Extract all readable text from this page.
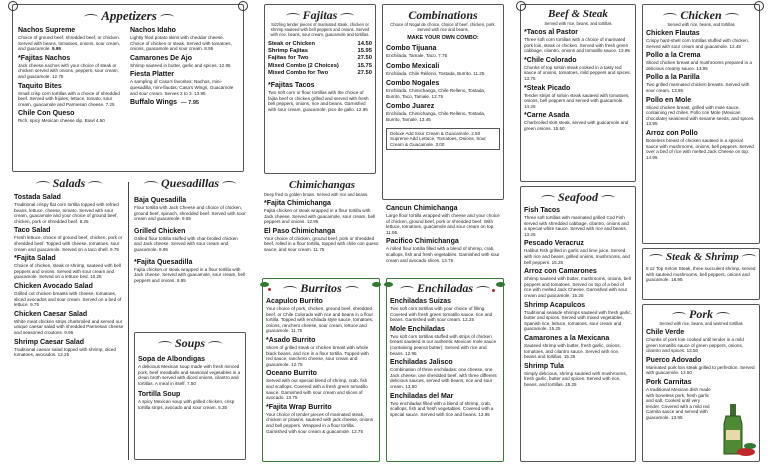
Appetizers
Nachos Supreme
Choice of ground beef, shredded beef, or chicken. Served with beans, tomatoes, onions, sour cream, and guacamole. 9.95
*Fajitas Nachos
Jack cheese nachos with your choice of steak or chicken served with onions, peppers, sour cream, and guacamole. 12.75
Taquito Bites
Small crisp corn tortillas with a choice of shredded beef. Served with frijoles, lettuce, tomato, sour cream, guacamole and Parmesan cheese. 7.25
Chile Con Queso
Rich, spicy Mexican cheese dip. Bowl 4.50
Nachos Idaho
Lightly fried potato skins with cheddar cheese. Choice of chicken or steak. Served with tomatoes, onions, guacamole and sour cream. 8.95
Camarones De Ajo
Shrimp sauteed in butter, garlic and spices. 12.95
Fiesta Platter
A sampling of Casa's favorites: Nachos, mini-quesadilla, mini-flautas, Casa's Wings, Guacamole and sour cream. Serves 2 to 3. 13.95
Buffalo Wings — 7.95
Salads
Tostada Salad
Traditional crispy flat corn tortilla topped with refried beans, lettuce, cheese, tomato. Served with sour cream, guacamole and your choice of ground beef, chicken, pork or shredded beef. 8.25
Taco Salad
Fresh lettuce, choice of ground beef, chicken, pork or shredded beef. Topped with cheese, tomatoes, sour cream and guacamole. Served on a taco shell. 9.75
*Fajita Salad
Choice of chicken, steak or shrimp, sauteed with bell peppers and onions. Served with sour cream and guacamole. Served on a lettuce bed. 10.25
Chicken Avocado Salad
Grilled cut chicken breasts with cheese, tomatoes, sliced avocados and sour cream. Served on a bed of lettuce. 9.75
Chicken Caesar Salad
White meat chicken strips charbroiled and served our unique caesar salad with shredded Parmesan cheese and seasoned croutons. 9.95
Shrimp Caesar Salad
Traditional caesar salad topped with shrimp, diced tomatoes, avocados. 12.25
Quesadillas
Baja Quesadilla
Flour tortilla with Jack Cheese and choice of chicken, ground beef, spinach, shredded beef. Served with sour cream and guacamole. 9.65
Grilled Chicken
Grilled flour tortilla stuffed with char-broiled chicken and Jack cheese. Served with sour cream and guacamole. 9.95
*Fajita Quesadilla
Fajita chicken or steak wrapped in a flour tortilla with Jack cheese. Served with guacamole, sour cream, bell peppers and onions. 9.95
Soups
Sopa de Albondigas
A delicious Mexican soup made with fresh minced pork, beef meatballs and seasonal vegetables in a clean broth served with diced onions, cilantro and tortillas. A meal in itself. 7.50
Tortilla Soup
A spicy Mexican soup with grilled chicken, crisp tortilla strips, avocado and sour cream. 5.35
Fajitas
Sizzling tender pieces of marinated steak, chicken or shrimp sauteed with bell peppers and onions. Served with rice, beans, sour cream, guacamole and tortillas.
Steak or Chicken	14.50
Shrimp Fajitas	15.95
Fajitas for Two	27.50
Mixed Combo (2 Choices)	15.75
Mixed Combo for Two	27.50
*Fajitas Tacos
Two soft corn or flour tortillas with the choice of fajita beef or chicken grilled and served with fresh bell peppers, onions, rice and beans. Garnished with sour cream, guacamole, pico de gallo. 12.95
Combinations
Choice of Nogal de choice, choice of beef, chicken, pork. Served with rice and beans.
MAKE YOUR OWN COMBO:
Combo Tijuana
Enchilada, Tamale, Taco. 7.75
Combo Mexicali
Enchilada, Chile Relleno, Tostada, Burrito. 11.25
Combo Nogales
Enchilada, Chimichanga, Chile Relleno, Tostada, Burrito, Taco, Tamale. 12.75
Combo Juarez
Enchilada, Chimichanga, Chile Relleno, Tostada, Burrito, Tamale. 13.45
Deluxe Add Sour Cream & Guacamole. 2.50
Supreme Add Lettuce, Tomatoes, Onions, Sour Cream & Guacamole. 3.00
Chimichangas
Deep fried to golden brown. Served with rice and beans.
*Fajita Chimichanga
Fajita chicken or steak wrapped in a flour tortilla with Jack cheese. Served with guacamole, sour cream, bell peppers and onions. 12.95
El Paso Chimichanga
Your choice of chicken, ground beef, pork or shredded beef, rolled in a flour tortilla, topped with chile con queso sauce, and sour cream. 11.75
Cancun Chimichanga
Large flour tortilla wrapped with cheese and your choice of chicken, ground beef, pork or shredded beef. With lettuce, tomatoes, guacamole and sour cream on top. 11.95
Pacifico Chimichanga
A rolled flour tortilla filled with a blend of shrimp, crab, scallops, fish and fresh vegetables. Garnished with sour cream and avocado slices. 13.75
Burritos
Acapulco Burrito
Your choice of pork, chicken, ground beef, shredded beef, or Chile Colorado with rice and beans in a flour tortilla. Topped with enchilada style sauce, tomatoes, onions, ranchero cheese, sour cream, lettuce and guacamole. 11.75
*Asado Burrito
Slices of grilled steak or chicken breast with whole black beans, and rice in a flour tortilla. Topped with red sauce, ranchero cheese, sour cream and guacamole. 12.75
Oceano Burrito
Served with our special blend of shrimp, crab, fish and scallops. Covered with a fresh green tomatillo sauce. Garnished with sour cream and slices of avocado. 13.75
*Fajita Wrap Burrito
Your choice of tender pieces of marinated steak, chicken or prawns, sauteed with jack cheese, onions and bell peppers. Wrapped in a flour tortilla. Garnished with sour cream & guacamole. 12.75
Enchiladas
Enchiladas Suizas
Two soft corn tortillas with your choice of filling. Covered with fresh green tomatillo sauce, rice and beans. Garnished with sour cream. 12.25
Mole Enchiladas
Two soft corn tortillas stuffed with strips of chicken breast sauteed in our authentic Mexican mole sauce (containing peanut butter). Served with rice and beans. 12.95
Enchiladas Jalisco
Combination of three enchiladas: one cheese, one Jack cheese, one shredded beef, with three different delicious sauces, served with beans, rice and sour cream. 13.50
Enchiladas del Mar
Two enchiladas filled with a blend of shrimp, crab, scallops, fish and fresh vegetables. Covered with a special sauce. Served with rice and beans. 13.95
Beef & Steak
Served with rice, beans, and tortillas
*Tacos al Pastor
Three soft corn tortillas with a choice of marinated pork loin, steak or chicken. Served with fresh green cabbage, cilantro, onions and tomatillo sauce. 13.95
*Chile Colorado
Chunks of top sirloin steak cooked in a tasty red sauce of onions, tomatoes, mild peppers and spices. 13.75
*Steak Picado
Tender strips of sirloin steak sauteed with tomatoes, onions, bell peppers and served with guacamole. 14.25
*Carne Asada
Charbroiled skirt steak, served with guacamole and green onions. 15.50
Seafood
Fish Tacos
Three soft tortillas with marinated grilled Cod Fish served with shredded cabbage, cilantro, onions and a special white sauce. Served with rice and beans. 13.25
Pescado Veracruz
Halibut Fish grilled in garlic and lime juice. Served with rice and beans, grilled onions, mushrooms, and bell peppers. 15.25
Arroz con Camarones
Shrimp sauteed with butter, mushrooms, onions, bell peppers and tomatoes. Served on top of a bed of rice with melted Jack Cheese. Garnished with sour cream and guacamole. 15.25
Shrimp Acapulcos
Traditional seaside shrimps sauteed with fresh garlic, butter and spices. Served with mixed vegetables, Spanish rice, lettuce, tomatoes, sour cream and guacamole. 15.25
Camarones a la Mexicana
Sauteed shrimp with butter, fresh garlic, onions, tomatoes, and cilantro sauce. Served with rice, beans and tortillas. 15.25
Shrimp Tula
Simply delicious, shrimp sauteed with mushrooms, fresh garlic, butter and spices. Served with rice, beans, and tortillas. 15.25
Chicken
Served with rice, beans, and tortillas
Chicken Flautas
Crispy hard-shell corn tortillas stuffed with chicken. Served with sour cream and guacamole. 12.45
Pollo a la Crema
Sliced chicken breast and mushrooms prepared in a delicious creamy sauce. 13.95
Pollo a la Parilla
Two grilled marinated chicken breasts. Served with sour cream. 13.95
Pollo en Mole
Sliced chicken breast, grilled with mole sauce, containing red chiles. Pollo con Mole (Mexican chocolate) seasoned with sesame seeds, and spices. 13.95
Arroz con Pollo
Boneless breast of chicken sauteed in a special sauce with mushrooms, onions, bell peppers. Served over a bed of rice with melted Jack Cheese on top. 14.95
Steak & Shrimp
8 oz Top Sirloin Steak, three succulent shrimp, served with sauteed mushrooms, bell peppers, onions and guacamole. 18.95
Pork
Served with rice, beans, and warmed tortillas
Chile Verde
Chunks of pork loin cooked until tender in a mild green tomatillo sauce of green peppers, onions, cilantro and spices. 13.50
Puerco Adovado
Marinated pork loin steak grilled to perfection. Served with guacamole. 13.50
Pork Carnitas
A traditional Mexican dish made with boneless pork, fresh garlic and salt. Cooked until very tender. Covered with a mild red Carnita sauce and served with guacamole. 13.95
